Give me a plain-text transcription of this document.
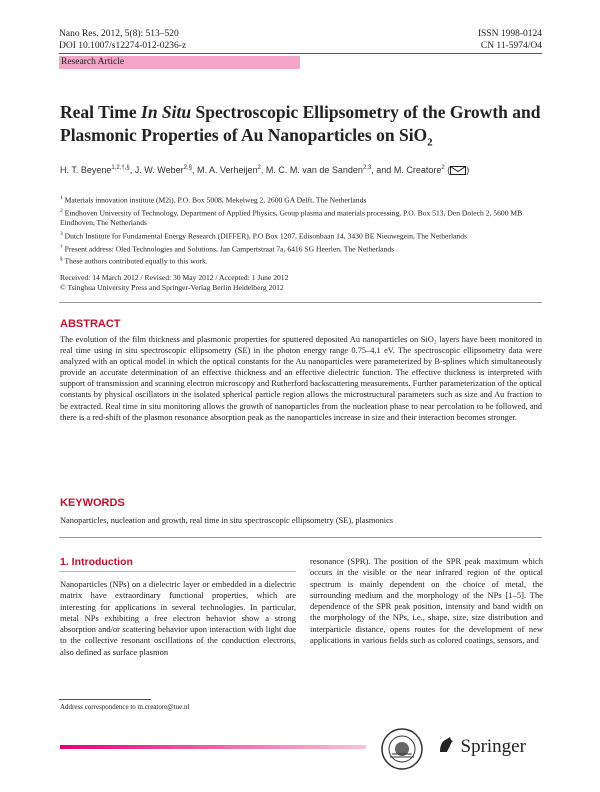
Nano Res. 2012, 5(8): 513–520
DOI 10.1007/s12274-012-0236-z
ISSN 1998-0124
CN 11-5974/O4
Research Article
Real Time In Situ Spectroscopic Ellipsometry of the Growth and Plasmonic Properties of Au Nanoparticles on SiO$_2$
H. T. Beyene$^{1,2,\dagger,\S}$, J. W. Weber$^{2,\S}$, M. A. Verheijen$^2$, M. C. M. van de Sanden$^{2,3}$, and M. Creatore$^2$ ( )
$^1$ Materials innovation institute (M2i), P.O. Box 5008, Mekelweg 2, 2600 GA Delft, The Netherlands
$^2$ Eindhoven University of Technology, Department of Applied Physics, Group plasma and materials processing, P.O. Box 513, Den Dolech 2, 5600 MB Eindhoven, The Netherlands
$^3$ Dutch Institute for Fundamental Energy Research (DIFFER), P.O Box 1207, Edisonbaan 14, 3430 BE Nieuwegein, The Netherlands
† Present address: Oled Technologies and Solutions, Jan Campertstraat 7a, 6416 SG Heerlen, The Netherlands
§ These authors contributed equally to this work.
Received: 14 March 2012 / Revised: 30 May 2012 / Accepted: 1 June 2012
© Tsinghua University Press and Springer-Verlag Berlin Heidelberg 2012
ABSTRACT
The evolution of the film thickness and plasmonic properties for sputtered deposited Au nanoparticles on SiO₂ layers have been monitored in real time using in situ spectroscopic ellipsometry (SE) in the photon energy range 0.75–4.1 eV. The spectroscopic ellipsometry data were analyzed with an optical model in which the optical constants for the Au nanoparticles were parameterized by B-splines which simultaneously provide an accurate determination of an effective thickness and an effective dielectric function. The effective thickness is interpreted with support of transmission and scanning electron microscopy and Rutherford backscattering measurements. Further parameterization of the optical constants by physical oscillators in the isolated spherical particle region allows the microstructural parameters such as size and Au fraction to be extracted. Real time in situ monitoring allows the growth of nanoparticles from the nucleation phase to near percolation to be followed, and there is a red-shift of the plasmon resonance absorption peak as the nanoparticles increase in size and their interaction becomes stronger.
KEYWORDS
Nanoparticles, nucleation and growth, real time in situ spectroscopic ellipsometry (SE), plasmonics
1. Introduction
Nanoparticles (NPs) on a dielectric layer or embedded in a dielectric matrix have extraordinary functional properties, which are interesting for applications in several technologies. In particular, metal NPs exhibiting a free electron behavior show a strong absorption and/or scattering behavior upon interaction with light due to the collective resonant oscillations of the conduction electrons, also defined as surface plasmon
resonance (SPR). The position of the SPR peak maximum which occurs in the visible or the near infrared region of the optical spectrum is mainly dependent on the choice of metal, the surrounding medium and the morphology of the NPs [1–5]. The dependence of the SPR peak position, intensity and band width on the morphology of the NPs, i.e., shape, size, size distribution and interparticle distance, opens routes for the development of new applications in various fields such as colored coatings, sensors, and
Address correspondence to m.creatore@tue.nl
Springer
